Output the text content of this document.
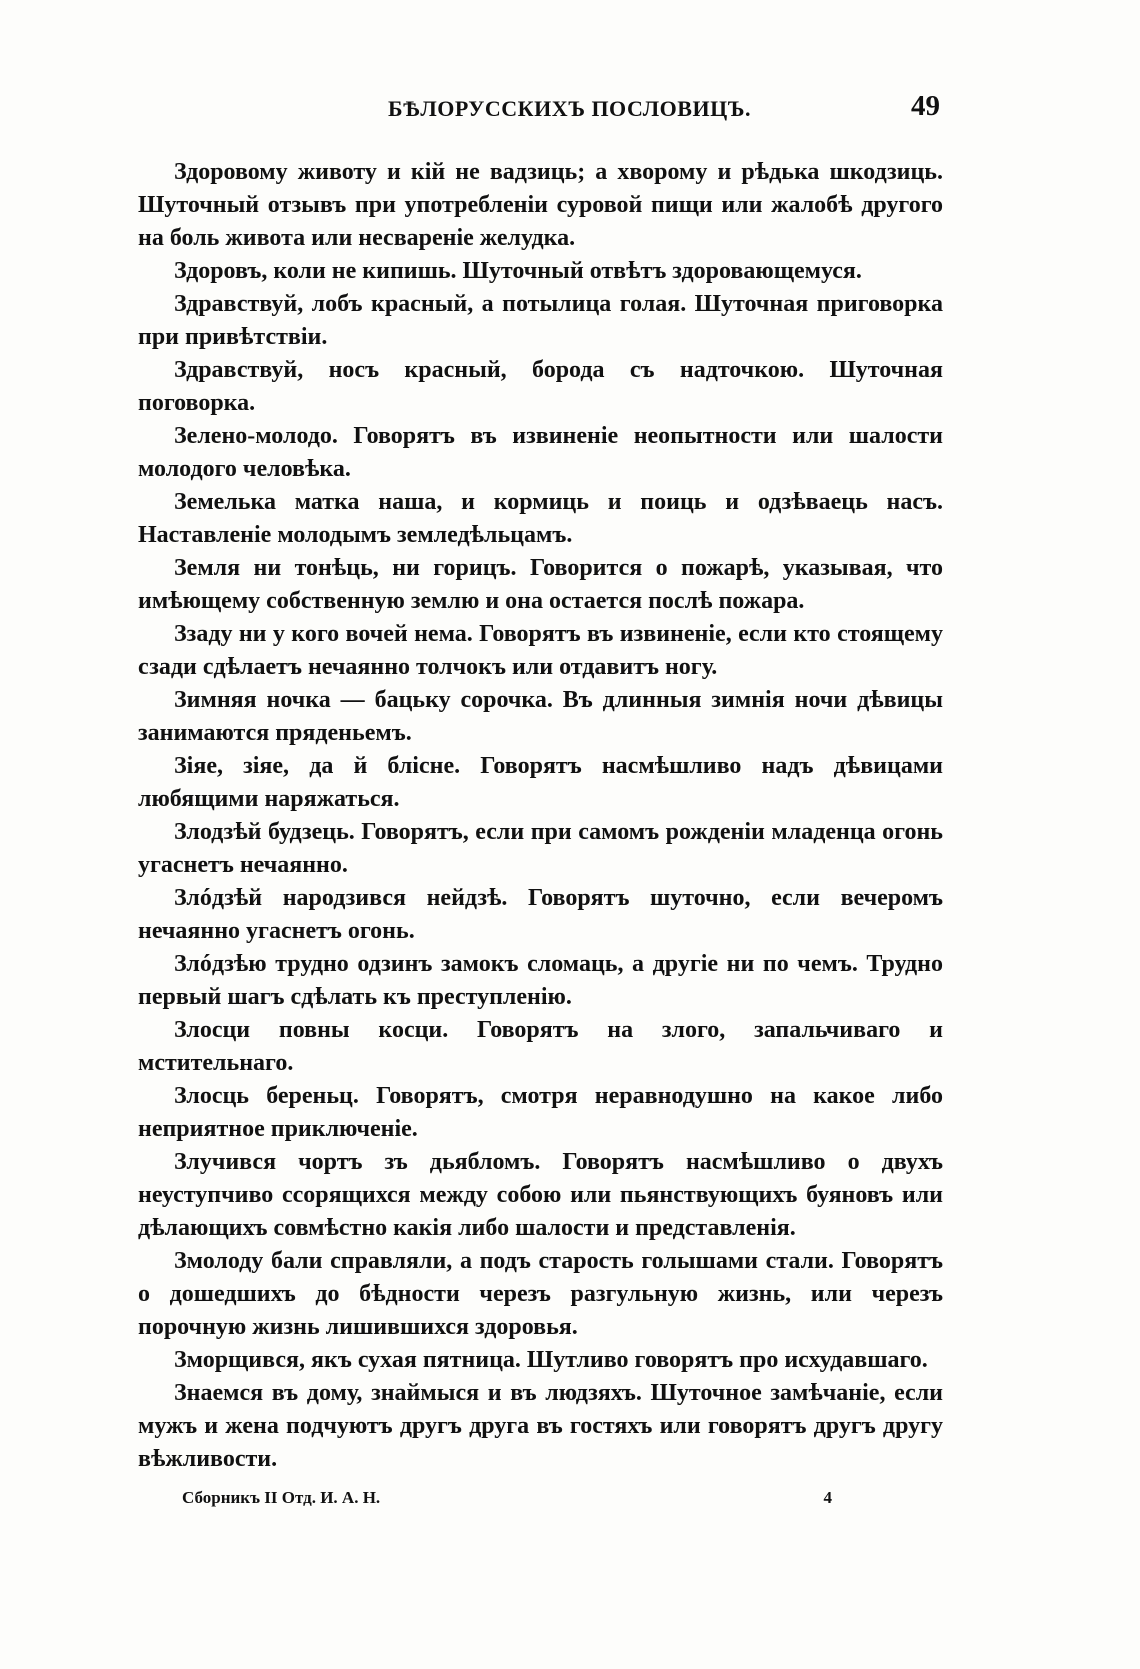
БѢЛОРУССКИХЪ ПОСЛОВИЦЪ.	49

Здоровому животу и кій не вадзиць; а хворому и рѣдька шкодзиць. Шуточный отзывъ при употребленіи суровой пищи или жалобѣ другого на боль живота или несвареніе желудка.

Здоровъ, коли не кипишь. Шуточный отвѣтъ здоровающемуся.

Здравствуй, лобъ красный, а потылица голая. Шуточная приговорка при привѣтствіи.

Здравствуй, носъ красный, борода съ надточкою. Шуточная поговорка.

Зелено-молодо. Говорятъ въ извиненіе неопытности или шалости молодого человѣка.

Земелька матка наша, и кормиць и поиць и одзѣваець насъ. Наставленіе молодымъ земледѣльцамъ.

Земля ни тонѣць, ни горицъ. Говорится о пожарѣ, указывая, что имѣющему собственную землю и она остается послѣ пожара.

Ззаду ни у кого вочей нема. Говорятъ въ извиненіе, если кто стоящему сзади сдѣлаетъ нечаянно толчокъ или отдавитъ ногу.

Зимняя ночка — бацьку сорочка. Въ длинныя зимнія ночи дѣвицы занимаются пряденьемъ.

Зіяе, зіяе, да й блісне. Говорятъ насмѣшливо надъ дѣвицами любящими наряжаться.

Злодзѣй будзець. Говорятъ, если при самомъ рожденіи младенца огонь угаснетъ нечаянно.

Злóдзѣй народзився нейдзѣ. Говорятъ шуточно, если вечеромъ нечаянно угаснетъ огонь.

Злóдзѣю трудно одзинъ замокъ сломаць, а другіе ни по чемъ. Трудно первый шагъ сдѣлать къ преступленію.

Злосци повны косци. Говорятъ на злого, запальчиваго и мстительнаго.

Злосць береньц. Говорятъ, смотря неравнодушно на какое либо неприятное приключеніе.

Злучився чортъ зъ дьябломъ. Говорятъ насмѣшливо о двухъ неуступчиво ссорящихся между собою или пьянствующихъ буяновъ или дѣлающихъ совмѣстно какія либо шалости и представленія.

Змолоду бали справляли, а подъ старость голышами стали. Говорятъ о дошедшихъ до бѣдности черезъ разгульную жизнь, или черезъ порочную жизнь лишившихся здоровья.

Зморщився, якъ сухая пятница. Шутливо говорятъ про исхудавшаго.

Знаемся въ дому, знаймыся и въ людзяхъ. Шуточное замѣчаніе, если мужъ и жена подчуютъ другъ друга въ гостяхъ или говорятъ другъ другу вѣжливости.

Сборникъ II Отд. И. А. Н.	4
